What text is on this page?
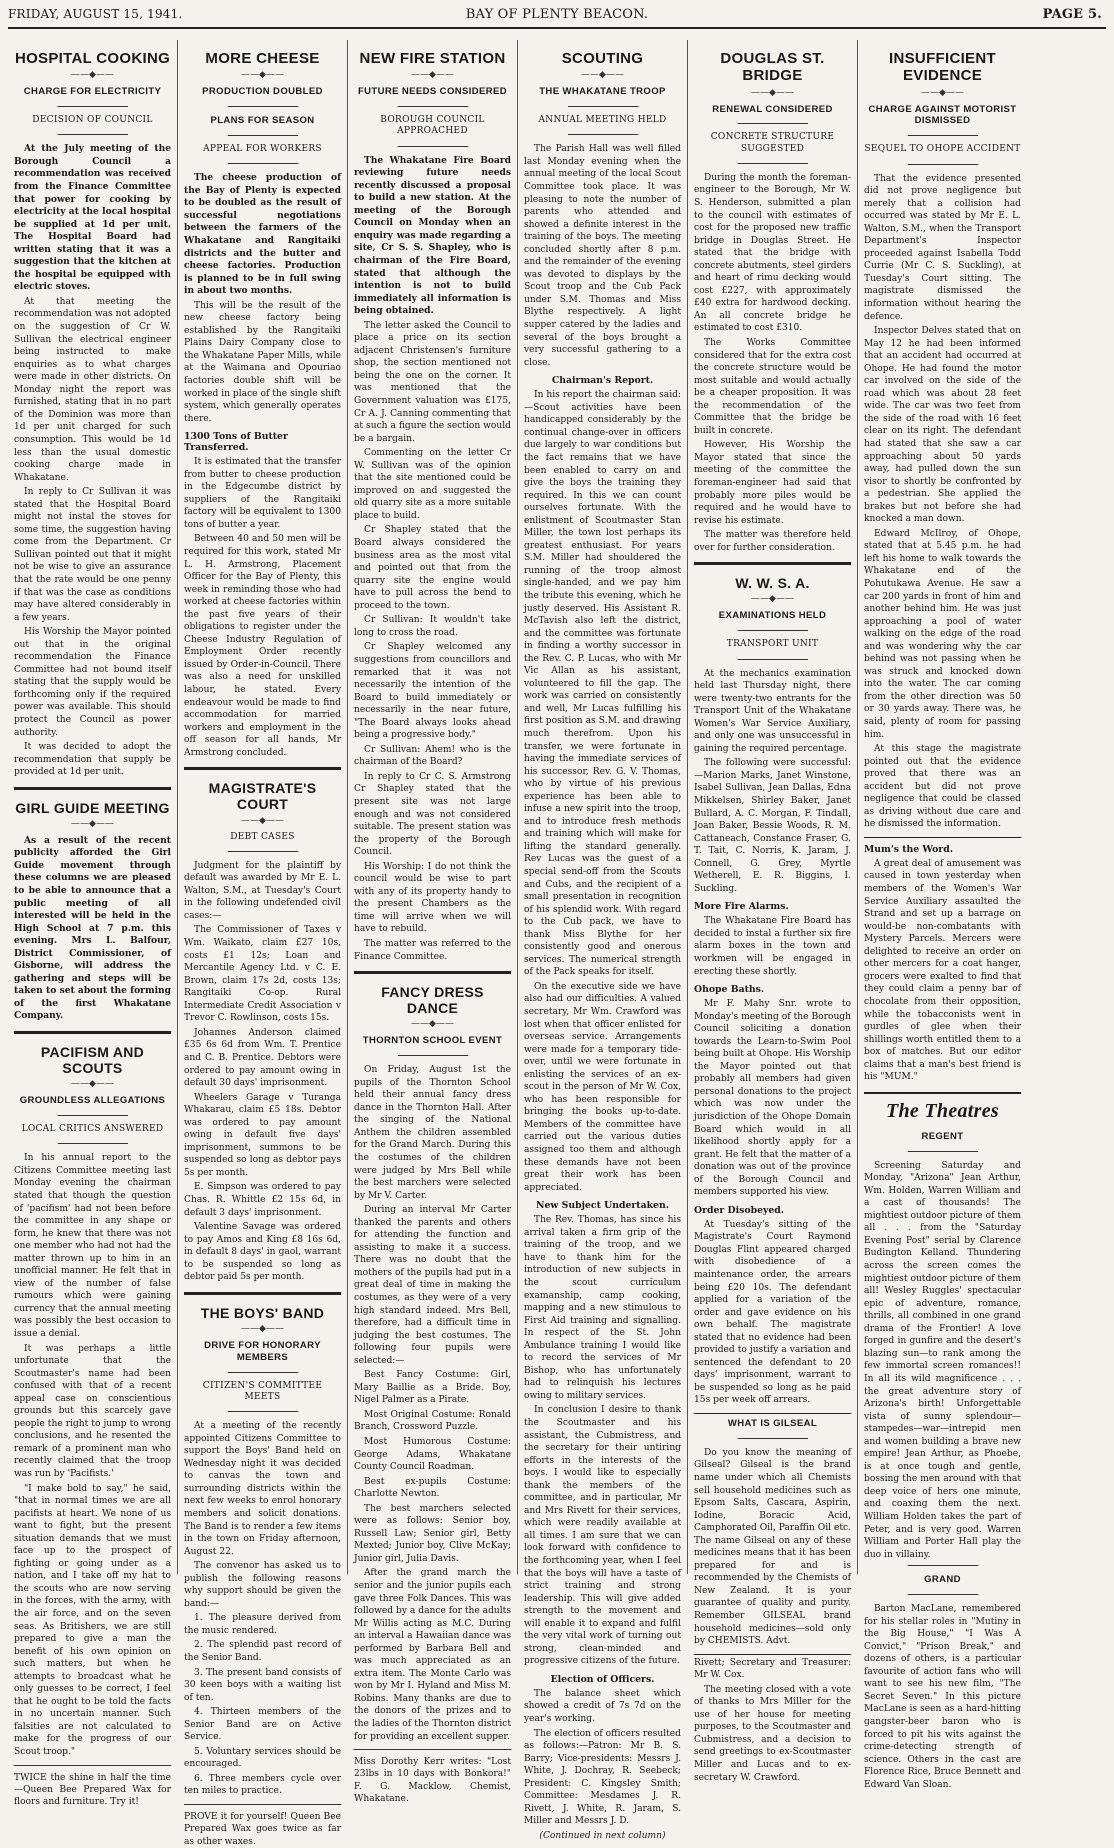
FRIDAY, AUGUST 15, 1941.	BAY OF PLENTY BEACON.	PAGE 5.
HOSPITAL COOKING
——◆——
CHARGE FOR ELECTRICITY
DECISION OF COUNCIL

At the July meeting of the Borough Council a recommendation was received from the Finance Committee that power for cooking by electricity at the local hospital be supplied at 1d per unit. The Hospital Board had written stating that it was a suggestion that the kitchen at the hospital be equipped with electric stoves.

At that meeting the recommendation was not adopted on the suggestion of Cr W. Sullivan the electrical engineer being instructed to make enquiries as to what charges were made in other districts. On Monday night the report was furnished, stating that in no part of the Dominion was more than 1d per unit charged for such consumption. This would be 1d less than the usual domestic cooking charge made in Whakatane.

In reply to Cr Sullivan it was stated that the Hospital Board might not instal the stoves for some time, the suggestion having come from the Department. Cr Sullivan pointed out that it might not be wise to give an assurance that the rate would be one penny if that was the case as conditions may have altered considerably in a few years.

His Worship the Mayor pointed out that in the original recommendation the Finance Committee had not bound itself stating that the supply would be forthcoming only if the required power was available. This should protect the Council as power authority.

It was decided to adopt the recommendation that supply be provided at 1d per unit.

GIRL GUIDE MEETING
——◆——

As a result of the recent publicity afforded the Girl Guide movement through these columns we are pleased to be able to announce that a public meeting of all interested will be held in the High School at 7 p.m. this evening. Mrs L. Balfour, District Commissioner, of Gisborne, will address the gathering and steps will be taken to set about the forming of the first Whakatane Company.

PACIFISM AND SCOUTS
——◆——
GROUNDLESS ALLEGATIONS
LOCAL CRITICS ANSWERED

In his annual report to the Citizens Committee meeting last Monday evening the chairman stated that though the question of 'pacifism' had not been before the committee in any shape or form, he knew that there was not one member who had not had the matter thrown up to him in an unofficial manner. He felt that in view of the number of false rumours which were gaining currency that the annual meeting was possibly the best occasion to issue a denial.

It was perhaps a little unfortunate that the Scoutmaster's name had been confused with that of a recent appeal case on conscientious grounds but this scarcely gave people the right to jump to wrong conclusions, and he resented the remark of a prominent man who recently claimed that the troop was run by 'Pacifists.'

"I make bold to say," he said, "that in normal times we are all pacifists at heart. We none of us want to fight, but the present situation demands that we must face up to the prospect of fighting or going under as a nation, and I take off my hat to the scouts who are now serving in the forces, with the army, with the air force, and on the seven seas. As Britishers, we are still prepared to give a man the benefit of his own opinion on such matters, but when he attempts to broadcast what he only guesses to be correct, I feel that he ought to be told the facts in no uncertain manner. Such falsities are not calculated to make for the progress of our Scout troop."

TWICE the shine in half the time—Queen Bee Prepared Wax for floors and furniture. Try it!
MORE CHEESE
——◆——
PRODUCTION DOUBLED
PLANS FOR SEASON
APPEAL FOR WORKERS

The cheese production of the Bay of Plenty is expected to be doubled as the result of successful negotiations between the farmers of the Whakatane and Rangitaiki districts and the butter and cheese factories. Production is planned to be in full swing in about two months.

This will be the result of the new cheese factory being established by the Rangitaiki Plains Dairy Company close to the Whakatane Paper Mills, while at the Waimana and Opouriao factories double shift will be worked in place of the single shift system, which generally operates there.

1300 Tons of Butter Transferred.

It is estimated that the transfer from butter to cheese production in the Edgecumbe district by suppliers of the Rangitaiki factory will be equivalent to 1300 tons of butter a year.

Between 40 and 50 men will be required for this work, stated Mr L. H. Armstrong, Placement Officer for the Bay of Plenty, this week in reminding those who had worked at cheese factories within the past five years of their obligations to register under the Cheese Industry Regulation of Employment Order recently issued by Order-in-Council. There was also a need for unskilled labour, he stated. Every endeavour would be made to find accommodation for married workers and employment in the off season for all hands, Mr Armstrong concluded.

MAGISTRATE'S COURT
——◆——
DEBT CASES

Judgment for the plaintiff by default was awarded by Mr E. L. Walton, S.M., at Tuesday's Court in the following undefended civil cases:—

The Commissioner of Taxes v Wm. Waikato, claim £27 10s, costs £1 12s; Loan and Mercantile Agency Ltd. v C. E. Brown, claim 17s 2d, costs 13s; Rangitaiki Co-op. Rural Intermediate Credit Association v Trevor C. Rowlinson, costs 15s.

Johannes Anderson claimed £35 6s 6d from Wm. T. Prentice and C. B. Prentice. Debtors were ordered to pay amount owing in default 30 days' imprisonment.

Wheelers Garage v Turanga Whakarau, claim £5 18s. Debtor was ordered to pay amount owing in default five days' imprisonment, summons to be suspended so long as debtor pays 5s per month.

E. Simpson was ordered to pay Chas. R. Whittle £2 15s 6d, in default 3 days' imprisonment.

Valentine Savage was ordered to pay Amos and King £8 16s 6d, in default 8 days' in gaol, warrant to be suspended so long as debtor paid 5s per month.

THE BOYS' BAND
——◆——
DRIVE FOR HONORARY MEMBERS
CITIZEN'S COMMITTEE MEETS

At a meeting of the recently appointed Citizens Committee to support the Boys' Band held on Wednesday night it was decided to canvas the town and surrounding districts within the next few weeks to enrol honorary members and solicit donations. The Band is to render a few items in the town on Friday afternoon, August 22.

The convenor has asked us to publish the following reasons why support should be given the band:—

1. The pleasure derived from the music rendered.

2. The splendid past record of the Senior Band.

3. The present band consists of 30 keen boys with a waiting list of ten.

4. Thirteen members of the Senior Band are on Active Service.

5. Voluntary services should be encouraged.

6. Three members cycle over ten miles to practice.

PROVE it for yourself! Queen Bee Prepared Wax goes twice as far as other waxes.
NEW FIRE STATION
——◆——
FUTURE NEEDS CONSIDERED
BOROUGH COUNCIL APPROACHED

The Whakatane Fire Board reviewing future needs recently discussed a proposal to build a new station. At the meeting of the Borough Council on Monday when an enquiry was made regarding a site, Cr S. S. Shapley, who is chairman of the Fire Board, stated that although the intention is not to build immediately all information is being obtained.

The letter asked the Council to place a price on its section adjacent Christensen's furniture shop, the section mentioned not being the one on the corner. It was mentioned that the Government valuation was £175, Cr A. J. Canning commenting that at such a figure the section would be a bargain.

Commenting on the letter Cr W. Sullivan was of the opinion that the site mentioned could be improved on and suggested the old quarry site as a more suitable place to build.

Cr Shapley stated that the Board always considered the business area as the most vital and pointed out that from the quarry site the engine would have to pull across the bend to proceed to the town.

Cr Sullivan: It wouldn't take long to cross the road.

Cr Shapley welcomed any suggestions from councillors and remarked that it was not necessarily the intention of the Board to build immediately or necessarily in the near future, "The Board always looks ahead being a progressive body."

Cr Sullivan: Ahem! who is the chairman of the Board?

In reply to Cr C. S. Armstrong Cr Shapley stated that the present site was not large enough and was not considered suitable. The present station was the property of the Borough Council.

His Worship: I do not think the council would be wise to part with any of its property handy to the present Chambers as the time will arrive when we will have to rebuild.

The matter was referred to the Finance Committee.

FANCY DRESS DANCE
——◆——
THORNTON SCHOOL EVENT

On Friday, August 1st the pupils of the Thornton School held their annual fancy dress dance in the Thornton Hall. After the singing of the National Anthem the children assembled for the Grand March. During this the costumes of the children were judged by Mrs Bell while the best marchers were selected by Mr V. Carter.

During an interval Mr Carter thanked the parents and others for attending the function and assisting to make it a success. There was no doubt that the mothers of the pupils had put in a great deal of time in making the costumes, as they were of a very high standard indeed. Mrs Bell, therefore, had a difficult time in judging the best costumes. The following four pupils were selected:—

Best Fancy Costume: Girl, Mary Baillie as a Bride. Boy, Nigel Palmer as a Pirate.

Most Original Costume: Ronald Branch, Crossword Puzzle.

Most Humorous Costume: George Adams, Whakatane County Council Roadman.

Best ex-pupils Costume: Charlotte Newton.

The best marchers selected were as follows: Senior boy, Russell Law; Senior girl, Betty Mexted; Junior boy, Clive McKay; Junior girl, Julia Davis.

After the grand march the senior and the junior pupils each gave three Folk Dances. This was followed by a dance for the adults Mr Willis acting as M.C. During an interval a Hawaiian dance was performed by Barbara Bell and was much appreciated as an extra item. The Monte Carlo was won by Mr I. Hyland and Miss M. Robins. Many thanks are due to the donors of the prizes and to the ladies of the Thornton district for providing an excellent supper.

Miss Dorothy Kerr writes: "Lost 23lbs in 10 days with Bonkora!" F. G. Macklow, Chemist, Whakatane.
SCOUTING
——◆——
THE WHAKATANE TROOP
ANNUAL MEETING HELD

The Parish Hall was well filled last Monday evening when the annual meeting of the local Scout Committee took place. It was pleasing to note the number of parents who attended and showed a definite interest in the training of the boys. The meeting concluded shortly after 8 p.m. and the remainder of the evening was devoted to displays by the Scout troop and the Cub Pack under S.M. Thomas and Miss Blythe respectively. A light supper catered by the ladies and several of the boys brought a very successful gathering to a close.

Chairman's Report.

In his report the chairman said:—Scout activities have been handicapped considerably by the continual change-over in officers due largely to war conditions but the fact remains that we have been enabled to carry on and give the boys the training they required. In this we can count ourselves fortunate. With the enlistment of Scoutmaster Stan Miller, the town lost perhaps its greatest enthusiast. For years S.M. Miller had shouldered the running of the troop almost single-handed, and we pay him the tribute this evening, which he justly deserved. His Assistant R. McTavish also left the district, and the committee was fortunate in finding a worthy successor in the Rev. C. P. Lucas, who with Mr Vic Allan as his assistant, volunteered to fill the gap. The work was carried on consistently and well, Mr Lucas fulfilling his first position as S.M. and drawing much therefrom. Upon his transfer, we were fortunate in having the immediate services of his successor, Rev. G. V. Thomas, who by virtue of his previous experience has been able to infuse a new spirit into the troop, and to introduce fresh methods and training which will make for lifting the standard generally. Rev Lucas was the guest of a special send-off from the Scouts and Cubs, and the recipient of a small presentation in recognition of his splendid work. With regard to the Cub pack, we have to thank Miss Blythe for her consistently good and onerous services. The numerical strength of the Pack speaks for itself.

On the executive side we have also had our difficulties. A valued secretary, Mr Wm. Crawford was lost when that officer enlisted for overseas service. Arrangements were made for a temporary tide-over, until we were fortunate in enlisting the services of an ex-scout in the person of Mr W. Cox, who has been responsible for bringing the books up-to-date. Members of the committee have carried out the various duties assigned too them and although these demands have not been great their work has been appreciated.

New Subject Undertaken.

The Rev. Thomas, has since his arrival taken a firm grip of the training of the troop, and we have to thank him for the introduction of new subjects in the scout curriculum examanship, camp cooking, mapping and a new stimulous to First Aid training and signalling. In respect of the St. John Ambulance training I would like to record the services of Mr Bishop, who has unfortunately had to relinquish his lectures owing to military services.

In conclusion I desire to thank the Scoutmaster and his assistant, the Cubmistress, and the secretary for their untiring efforts in the interests of the boys. I would like to especially thank the members of the committee, and in particular, Mr and Mrs Rivett for their services, which were readily available at all times. I am sure that we can look forward with confidence to the forthcoming year, when I feel that the boys will have a taste of strict training and strong leadership. This will give added strength to the movement and will enable it to expand and fulfil the very vital work of turning out strong, clean-minded and progressive citizens of the future.

Election of Officers.

The balance sheet which showed a credit of 7s 7d on the year's working.

The election of officers resulted as follows:—Patron: Mr B. S. Barry; Vice-presidents: Messrs J. White, J. Dochray, R. Seebeck; President: C. Kingsley Smith; Committee: Mesdames J. R. Rivett, J. White, R. Jaram, S. Miller and Messrs J. D.

(Continued in next column)

DOUGLAS ST. BRIDGE
——◆——
RENEWAL CONSIDERED
CONCRETE STRUCTURE SUGGESTED

During the month the foreman-engineer to the Borough, Mr W. S. Henderson, submitted a plan to the council with estimates of cost for the proposed new traffic bridge in Douglas Street. He stated that the bridge with concrete abutments, steel girders and heart of rimu decking would cost £227, with approximately £40 extra for hardwood decking. An all concrete bridge he estimated to cost £310.

The Works Committee considered that for the extra cost the concrete structure would be most suitable and would actually be a cheaper proposition. It was the recommendation of the Committee that the bridge be built in concrete.

However, His Worship the Mayor stated that since the meeting of the committee the foreman-engineer had said that probably more piles would be required and he would have to revise his estimate.

The matter was therefore held over for further consideration.

W. W. S. A.
——◆——
EXAMINATIONS HELD
TRANSPORT UNIT

At the mechanics examination held last Thursday night, there were twenty-two entrants for the Transport Unit of the Whakatane Women's War Service Auxiliary, and only one was unsuccessful in gaining the required percentage.

The following were successful:—Marion Marks, Janet Winstone, Isabel Sullivan, Jean Dallas, Edna Mikkelsen, Shirley Baker, Janet Bullard, A. C. Morgan, F. Tindall, Joan Baker, Bessie Woods, R. M. Cattaneach, Constance Fraser, G. T. Tait, C. Norris, K. Jaram, J. Connell, G. Grey, Myrtle Wetherell, E. R. Biggins, I. Suckling.

More Fire Alarms.

The Whakatane Fire Board has decided to instal a further six fire alarm boxes in the town and workmen will be engaged in erecting these shortly.

Ohope Baths.

Mr F. Mahy Snr. wrote to Monday's meeting of the Borough Council soliciting a donation towards the Learn-to-Swim Pool being built at Ohope. His Worship the Mayor pointed out that probably all members had given personal donations to the project which was now under the jurisdiction of the Ohope Domain Board which would in all likelihood shortly apply for a grant. He felt that the matter of a donation was out of the province of the Borough Council and members supported his view.

Order Disobeyed.

At Tuesday's sitting of the Magistrate's Court Raymond Douglas Flint appeared charged with disobedience of a maintenance order, the arrears being £20 10s. The defendant applied for a variation of the order and gave evidence on his own behalf. The magistrate stated that no evidence had been provided to justify a variation and sentenced the defendant to 20 days' imprisonment, warrant to be suspended so long as he paid 15s per week off arrears.

WHAT IS GILSEAL

Do you know the meaning of Gilseal? Gilseal is the brand name under which all Chemists sell household medicines such as Epsom Salts, Cascara, Aspirin, Iodine, Boracic Acid, Camphorated Oil, Paraffin Oil etc. The name Gilseal on any of these medicines means that it has been prepared for and is recommended by the Chemists of New Zealand. It is your guarantee of quality and purity. Remember GILSEAL brand household medicines—sold only by CHEMISTS. Advt.

Rivett; Secretary and Treasurer: Mr W. Cox.

The meeting closed with a vote of thanks to Mrs Miller for the use of her house for meeting purposes, to the Scoutmaster and Cubmistress, and a decision to send greetings to ex-Scoutmaster Miller and Lucas and to ex-secretary W. Crawford.

INSUFFICIENT EVIDENCE
——◆——
CHARGE AGAINST MOTORIST DISMISSED
SEQUEL TO OHOPE ACCIDENT

That the evidence presented did not prove negligence but merely that a collision had occurred was stated by Mr E. L. Walton, S.M., when the Transport Department's Inspector proceeded against Isabella Todd Currie (Mr C. S. Suckling), at Tuesday's Court sitting. The magistrate dismissed the information without hearing the defence.

Inspector Delves stated that on May 12 he had been informed that an accident had occurred at Ohope. He had found the motor car involved on the side of the road which was about 28 feet wide. The car was two feet from the side of the road with 16 feet clear on its right. The defendant had stated that she saw a car approaching about 50 yards away, had pulled down the sun visor to shortly be confronted by a pedestrian. She applied the brakes but not before she had knocked a man down.

Edward McIlroy, of Ohope, stated that at 5.45 p.m. he had left his home to walk towards the Whakatane end of the Pohutukawa Avenue. He saw a car 200 yards in front of him and another behind him. He was just approaching a pool of water walking on the edge of the road and was wondering why the car behind was not passing when he was struck and knocked down into the water. The car coming from the other direction was 50 or 30 yards away. There was, he said, plenty of room for passing him.

At this stage the magistrate pointed out that the evidence proved that there was an accident but did not prove negligence that could be classed as driving without due care and he dismissed the information.

Mum's the Word.

A great deal of amusement was caused in town yesterday when members of the Women's War Service Auxiliary assaulted the Strand and set up a barrage on would-be non-combatants with Mystery Parcels. Mercers were delighted to receive an order on other mercers for a coat hanger, grocers were exalted to find that they could claim a penny bar of chocolate from their opposition, while the tobacconists went in gurdles of glee when their shillings worth entitled them to a box of matches. But our editor claims that a man's best friend is his "MUM."

The Theatres
REGENT

Screening Saturday and Monday, "Arizona" Jean Arthur, Wm. Holden, Warren William and a cast of thousands! The mightiest outdoor picture of them all . . . from the "Saturday Evening Post" serial by Clarence Budington Kelland. Thundering across the screen comes the mightiest outdoor picture of them all! Wesley Ruggles' spectacular epic of adventure, romance, thrills, all combined in one grand drama of the Frontier! A love forged in gunfire and the desert's blazing sun—to rank among the few immortal screen romances!! In all its wild magnificence . . . the great adventure story of Arizona's birth! Unforgettable vista of sunny splendour—stampedes—war—intrepid men and women building a brave new empire! Jean Arthur, as Phoebe, is at once tough and gentle, bossing the men around with that deep voice of hers one minute, and coaxing them the next. William Holden takes the part of Peter, and is very good. Warren William and Porter Hall play the duo in villainy.

GRAND

Barton MacLane, remembered for his stellar roles in "Mutiny in the Big House," "I Was A Convict," "Prison Break," and dozens of others, is a particular favourite of action fans who will want to see his new film, "The Secret Seven." In this picture MacLane is seen as a hard-hitting gangster-beer baron who is forced to pit his wits against the crime-detecting strength of science. Others in the cast are Florence Rice, Bruce Bennett and Edward Van Sloan.
